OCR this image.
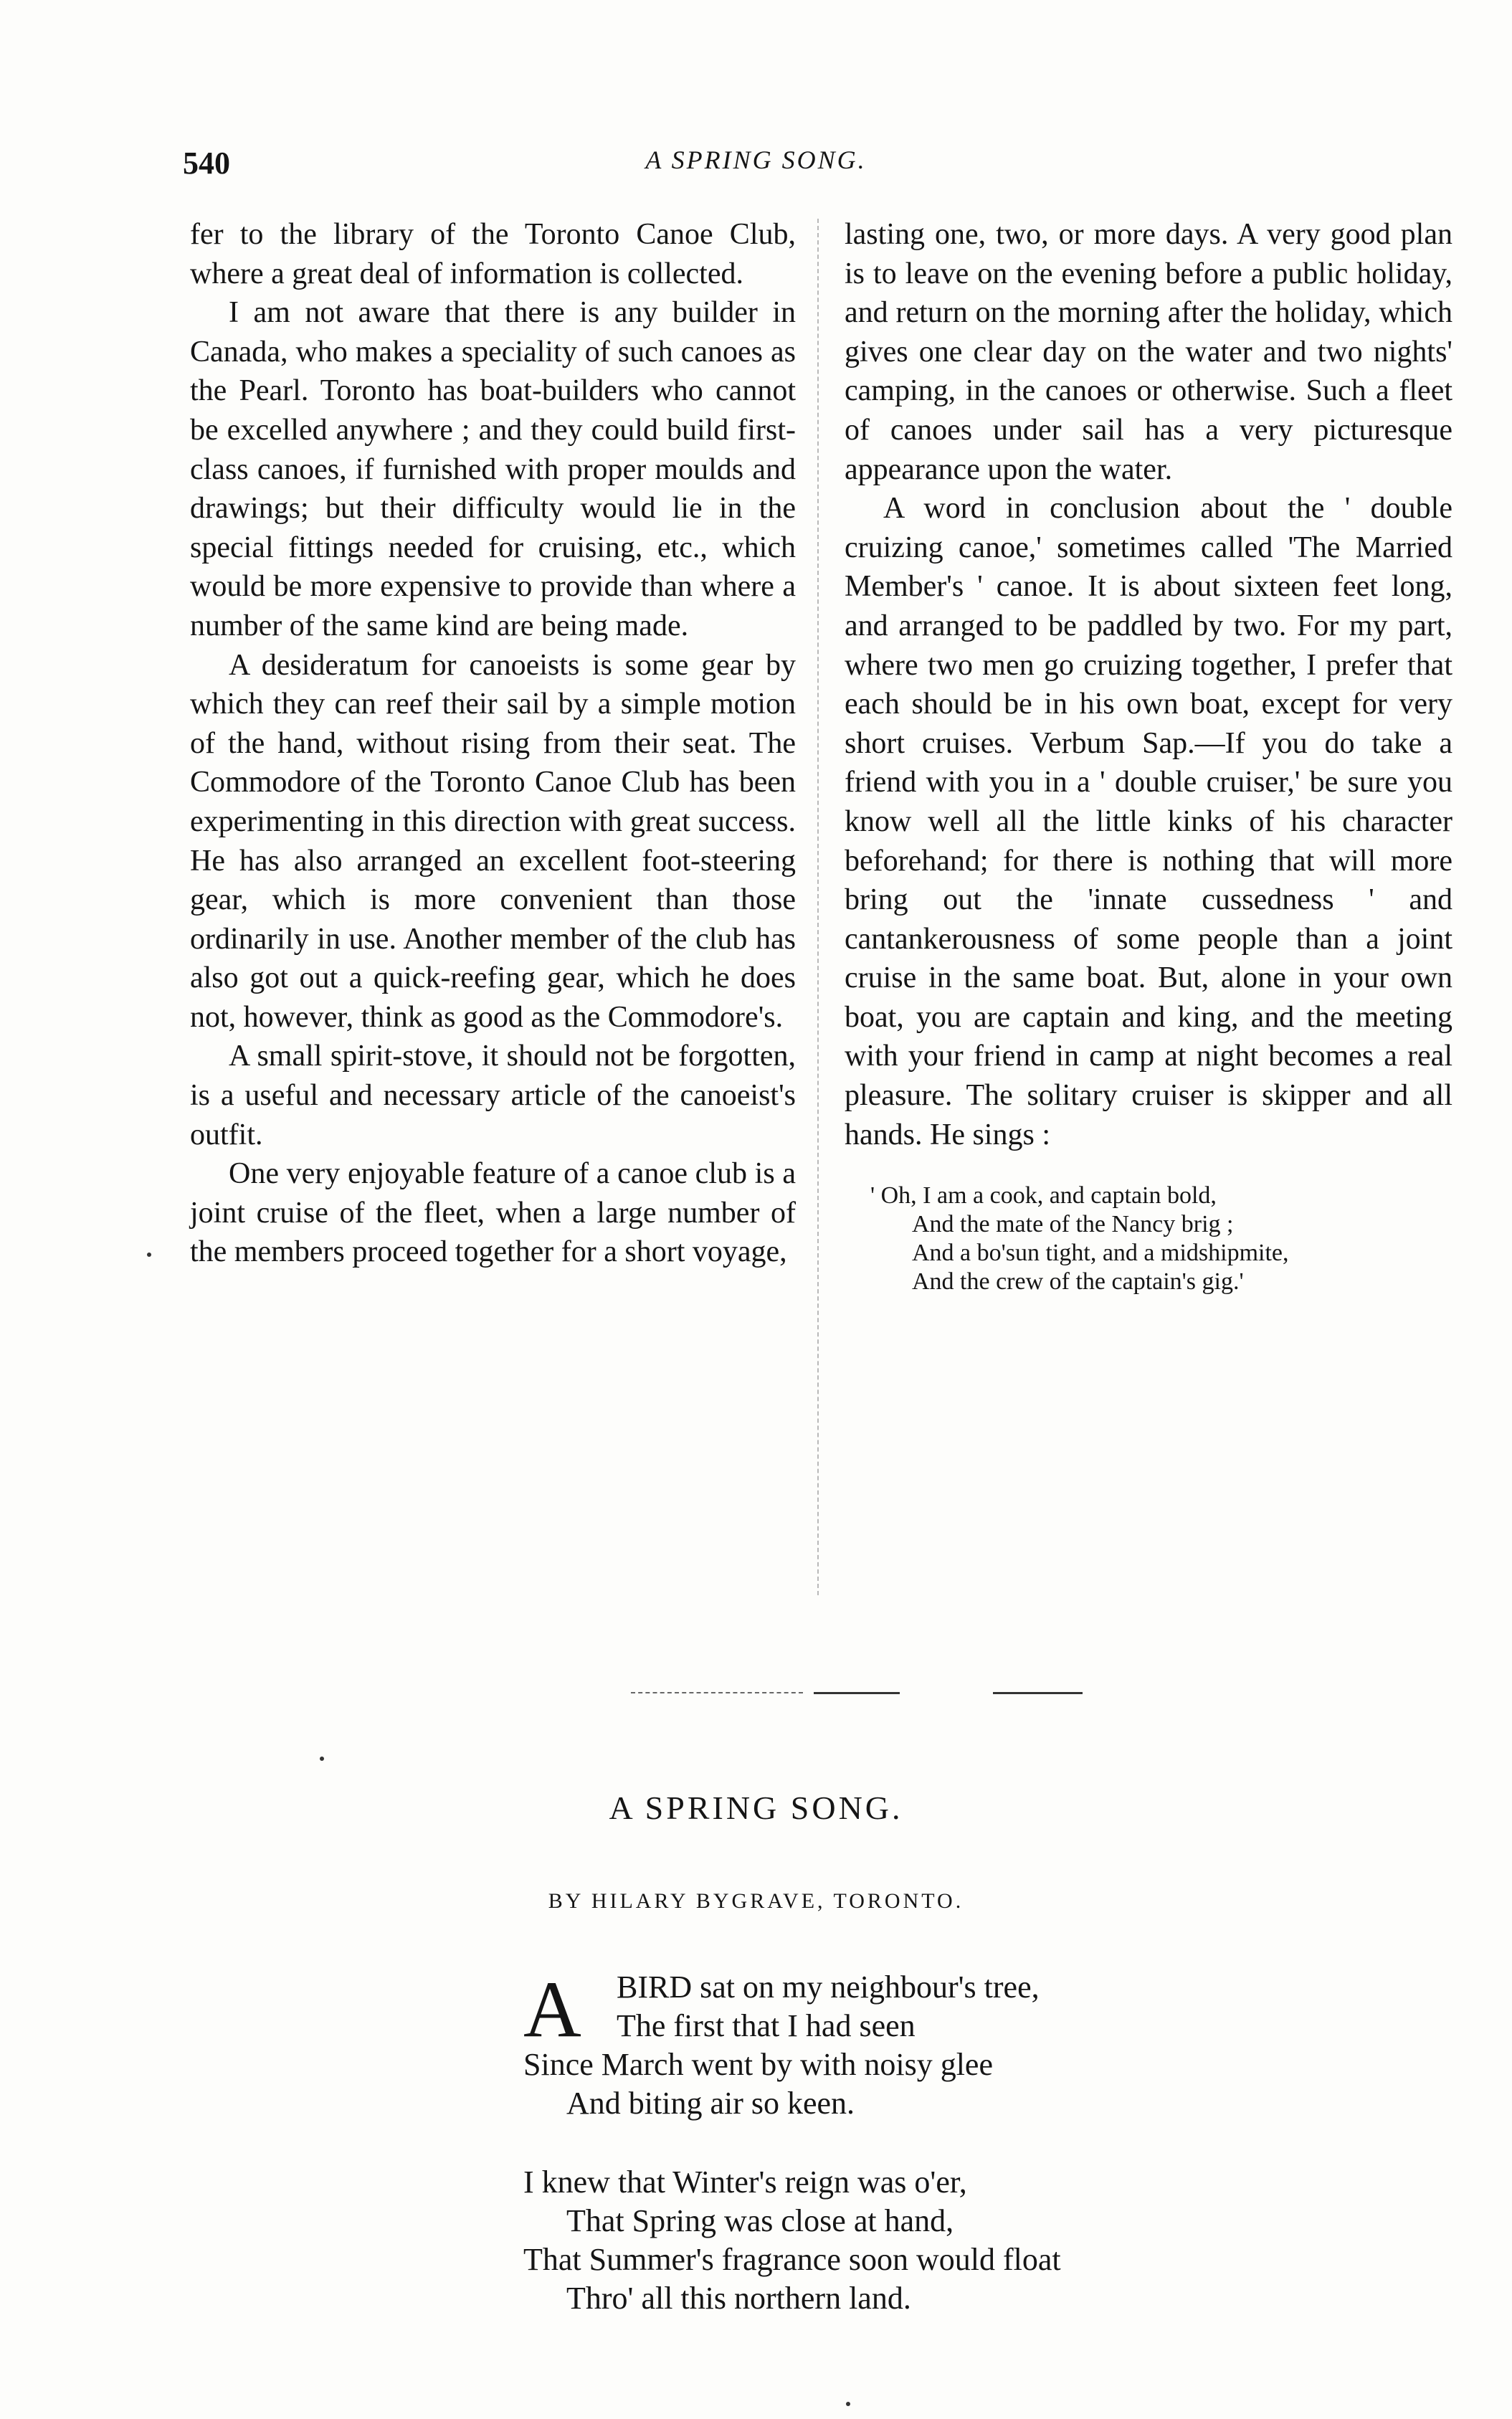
540	A SPRING SONG.

fer to the library of the Toronto Canoe Club, where a great deal of information is collected.

I am not aware that there is any builder in Canada, who makes a speciality of such canoes as the Pearl. Toronto has boat-builders who cannot be excelled anywhere ; and they could build first-class canoes, if furnished with proper moulds and drawings; but their difficulty would lie in the special fittings needed for cruising, etc., which would be more expensive to provide than where a number of the same kind are being made.

A desideratum for canoeists is some gear by which they can reef their sail by a simple motion of the hand, without rising from their seat. The Commodore of the Toronto Canoe Club has been experimenting in this direction with great success. He has also arranged an excellent foot-steering gear, which is more convenient than those ordinarily in use. Another member of the club has also got out a quick-reefing gear, which he does not, however, think as good as the Commodore's.

A small spirit-stove, it should not be forgotten, is a useful and necessary article of the canoeist's outfit.

One very enjoyable feature of a canoe club is a joint cruise of the fleet, when a large number of the members proceed together for a short voyage,

lasting one, two, or more days. A very good plan is to leave on the evening before a public holiday, and return on the morning after the holiday, which gives one clear day on the water and two nights' camping, in the canoes or otherwise. Such a fleet of canoes under sail has a very picturesque appearance upon the water.

A word in conclusion about the ' double cruizing canoe,' sometimes called 'The Married Member's ' canoe. It is about sixteen feet long, and arranged to be paddled by two. For my part, where two men go cruizing together, I prefer that each should be in his own boat, except for very short cruises. Verbum Sap.—If you do take a friend with you in a ' double cruiser,' be sure you know well all the little kinks of his character beforehand; for there is nothing that will more bring out the 'innate cussedness ' and cantankerousness of some people than a joint cruise in the same boat. But, alone in your own boat, you are captain and king, and the meeting with your friend in camp at night becomes a real pleasure. The solitary cruiser is skipper and all hands. He sings :

' Oh, I am a cook, and captain bold,
And the mate of the Nancy brig ;
And a bo'sun tight, and a midshipmite,
And the crew of the captain's gig.'
A SPRING SONG.
BY HILARY BYGRAVE, TORONTO.
A	BIRD sat on my neighbour's tree,
The first that I had seen
Since March went by with noisy glee
And biting air so keen.
I knew that Winter's reign was o'er,
That Spring was close at hand,
That Summer's fragrance soon would float
Thro' all this northern land.
